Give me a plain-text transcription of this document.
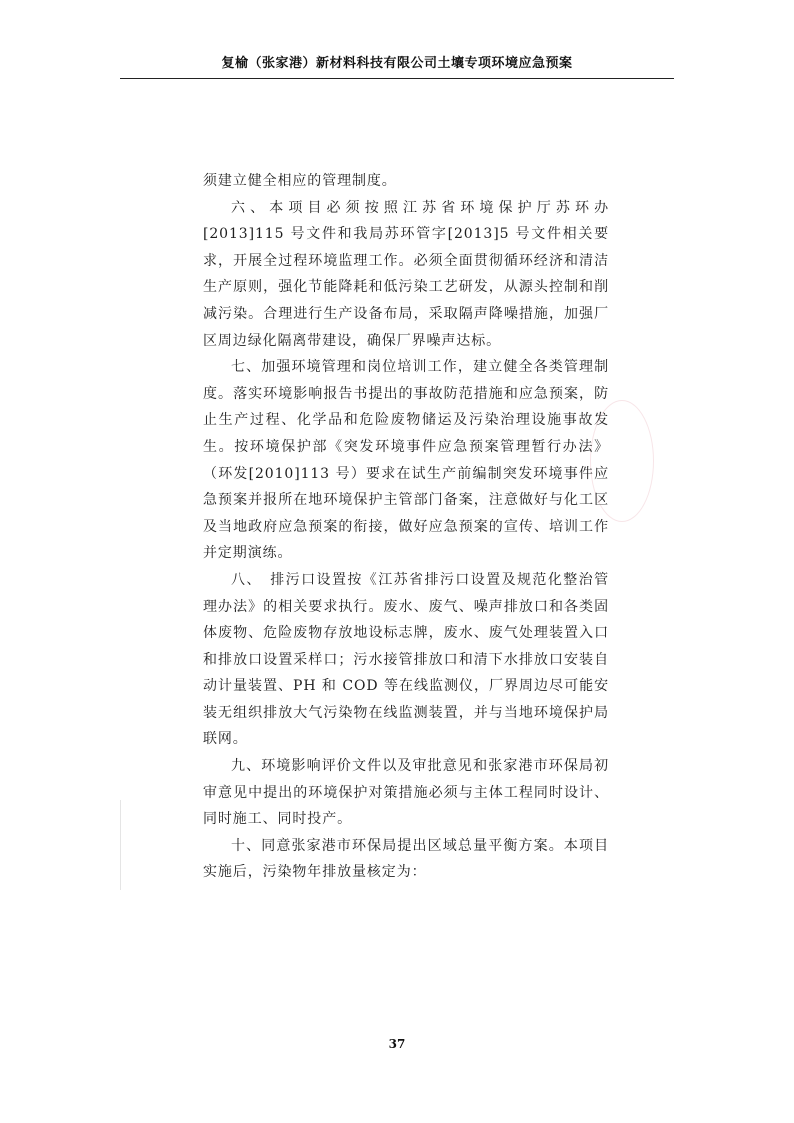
复榆（张家港）新材料科技有限公司土壤专项环境应急预案

须建立健全相应的管理制度。

六、本项目必须按照江苏省环境保护厅苏环办[2013]115 号文件和我局苏环管字[2013]5 号文件相关要求，开展全过程环境监理工作。必须全面贯彻循环经济和清洁生产原则，强化节能降耗和低污染工艺研发，从源头控制和削减污染。合理进行生产设备布局，采取隔声降噪措施，加强厂区周边绿化隔离带建设，确保厂界噪声达标。

七、加强环境管理和岗位培训工作，建立健全各类管理制度。落实环境影响报告书提出的事故防范措施和应急预案，防止生产过程、化学品和危险废物储运及污染治理设施事故发生。按环境保护部《突发环境事件应急预案管理暂行办法》（环发[2010]113 号）要求在试生产前编制突发环境事件应急预案并报所在地环境保护主管部门备案，注意做好与化工区及当地政府应急预案的衔接，做好应急预案的宣传、培训工作并定期演练。

八、　排污口设置按《江苏省排污口设置及规范化整治管理办法》的相关要求执行。废水、废气、噪声排放口和各类固体废物、危险废物存放地设标志牌，废水、废气处理装置入口和排放口设置采样口；污水接管排放口和清下水排放口安装自动计量装置、PH 和 COD 等在线监测仪，厂界周边尽可能安装无组织排放大气污染物在线监测装置，并与当地环境保护局联网。

九、环境影响评价文件以及审批意见和张家港市环保局初审意见中提出的环境保护对策措施必须与主体工程同时设计、同时施工、同时投产。

十、同意张家港市环保局提出区域总量平衡方案。本项目实施后，污染物年排放量核定为：

37
